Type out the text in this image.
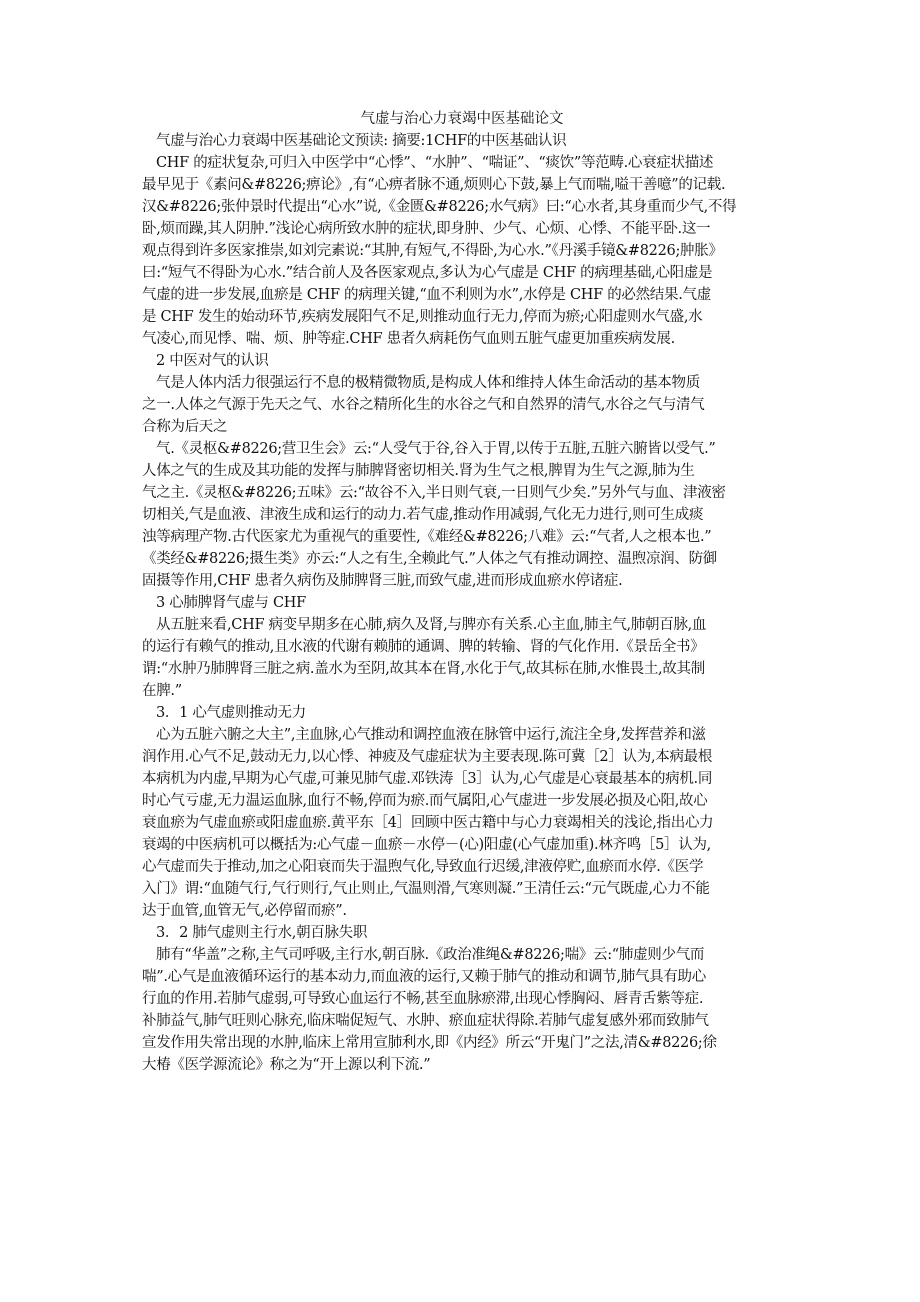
气虚与治心力衰竭中医基础论文
气虚与治心力衰竭中医基础论文预读: 摘要:1CHF的中医基础认识
CHF 的症状复杂,可归入中医学中“心悸”、“水肿”、“喘证”、“痰饮”等范畴.心衰症状描述
最早见于《素问&#8226;痹论》,有“心痹者脉不通,烦则心下鼓,暴上气而喘,嗌干善噫”的记载.
汉&#8226;张仲景时代提出“心水”说,《金匮&#8226;水气病》曰:“心水者,其身重而少气,不得
卧,烦而躁,其人阴肿.”浅论心病所致水肿的症状,即身肿、少气、心烦、心悸、不能平卧.这一
观点得到许多医家推崇,如刘完素说:“其肿,有短气,不得卧,为心水.”《丹溪手镜&#8226;肿胀》
曰:“短气不得卧为心水.”结合前人及各医家观点,多认为心气虚是 CHF 的病理基础,心阳虚是
气虚的进一步发展,血瘀是 CHF 的病理关键,“血不利则为水”,水停是 CHF 的必然结果.气虚
是 CHF 发生的始动环节,疾病发展阳气不足,则推动血行无力,停而为瘀;心阳虚则水气盛,水
气凌心,而见悸、喘、烦、肿等症.CHF 患者久病耗伤气血则五脏气虚更加重疾病发展.
2 中医对气的认识
气是人体内活力很强运行不息的极精微物质,是构成人体和维持人体生命活动的基本物质
之一.人体之气源于先天之气、水谷之精所化生的水谷之气和自然界的清气,水谷之气与清气
合称为后天之
气.《灵枢&#8226;营卫生会》云:“人受气于谷,谷入于胃,以传于五脏,五脏六腑皆以受气.”
人体之气的生成及其功能的发挥与肺脾肾密切相关.肾为生气之根,脾胃为生气之源,肺为生
气之主.《灵枢&#8226;五味》云:“故谷不入,半日则气衰,一日则气少矣.”另外气与血、津液密
切相关,气是血液、津液生成和运行的动力.若气虚,推动作用减弱,气化无力进行,则可生成痰
浊等病理产物.古代医家尤为重视气的重要性,《难经&#8226;八难》云:“气者,人之根本也.”
《类经&#8226;摄生类》亦云:“人之有生,全赖此气.”人体之气有推动调控、温煦凉润、防御
固摄等作用,CHF 患者久病伤及肺脾肾三脏,而致气虚,进而形成血瘀水停诸症.
3 心肺脾肾气虚与 CHF
从五脏来看,CHF 病变早期多在心肺,病久及肾,与脾亦有关系.心主血,肺主气,肺朝百脉,血
的运行有赖气的推动,且水液的代谢有赖肺的通调、脾的转输、肾的气化作用.《景岳全书》
谓:“水肿乃肺脾肾三脏之病.盖水为至阴,故其本在肾,水化于气,故其标在肺,水惟畏土,故其制
在脾.”
3．1 心气虚则推动无力
心为五脏六腑之大主”,主血脉,心气推动和调控血液在脉管中运行,流注全身,发挥营养和滋
润作用.心气不足,鼓动无力,以心悸、神疲及气虚症状为主要表现.陈可冀［2］认为,本病最根
本病机为内虚,早期为心气虚,可兼见肺气虚.邓铁涛［3］认为,心气虚是心衰最基本的病机.同
时心气亏虚,无力温运血脉,血行不畅,停而为瘀.而气属阳,心气虚进一步发展必损及心阳,故心
衰血瘀为气虚血瘀或阳虚血瘀.黄平东［4］回顾中医古籍中与心力衰竭相关的浅论,指出心力
衰竭的中医病机可以概括为:心气虚－血瘀－水停－(心)阳虚(心气虚加重).林齐鸣［5］认为,
心气虚而失于推动,加之心阳衰而失于温煦气化,导致血行迟缓,津液停贮,血瘀而水停.《医学
入门》谓:“血随气行,气行则行,气止则止,气温则滑,气寒则凝.”王清任云:“元气既虚,心力不能
达于血管,血管无气,必停留而瘀”.
3．2 肺气虚则主行水,朝百脉失职
肺有“华盖”之称,主气司呼吸,主行水,朝百脉.《政治准绳&#8226;喘》云:“肺虚则少气而
喘”.心气是血液循环运行的基本动力,而血液的运行,又赖于肺气的推动和调节,肺气具有助心
行血的作用.若肺气虚弱,可导致心血运行不畅,甚至血脉瘀滞,出现心悸胸闷、唇青舌紫等症.
补肺益气,肺气旺则心脉充,临床喘促短气、水肿、瘀血症状得除.若肺气虚复感外邪而致肺气
宣发作用失常出现的水肿,临床上常用宣肺利水,即《内经》所云“开鬼门”之法,清&#8226;徐
大椿《医学源流论》称之为“开上源以利下流.”
